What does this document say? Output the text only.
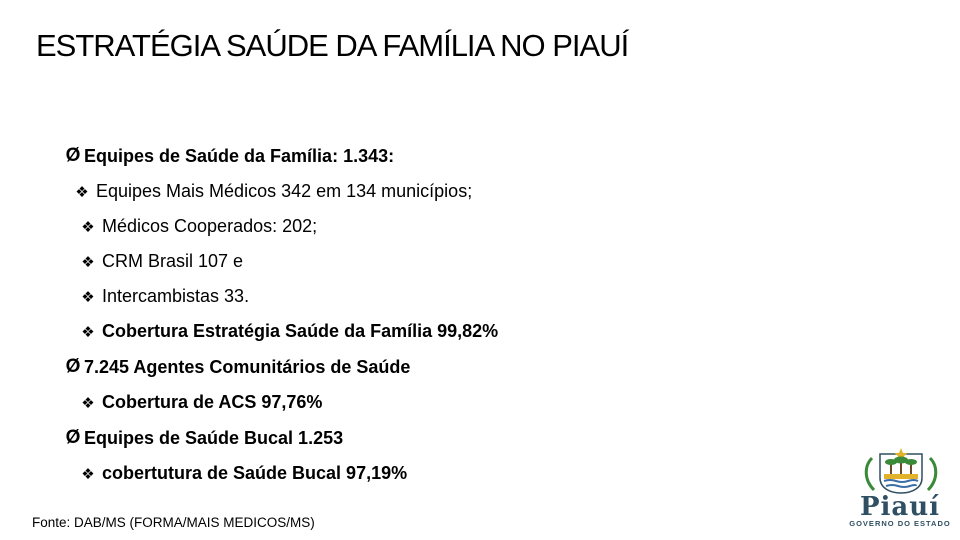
ESTRATÉGIA SAÚDE DA FAMÍLIA NO PIAUÍ
Ø Equipes de Saúde da Família: 1.343:
❖ Equipes Mais Médicos 342 em 134 municípios;
❖ Médicos Cooperados: 202;
❖ CRM Brasil 107 e
❖ Intercambistas 33.
❖ Cobertura Estratégia Saúde da Família 99,82%
Ø 7.245 Agentes Comunitários de Saúde
❖ Cobertura de ACS 97,76%
Ø Equipes de Saúde Bucal 1.253
❖ cobertutura de Saúde Bucal 97,19%
Fonte: DAB/MS (FORMA/MAIS MEDICOS/MS)
Piauí
GOVERNO DO ESTADO
